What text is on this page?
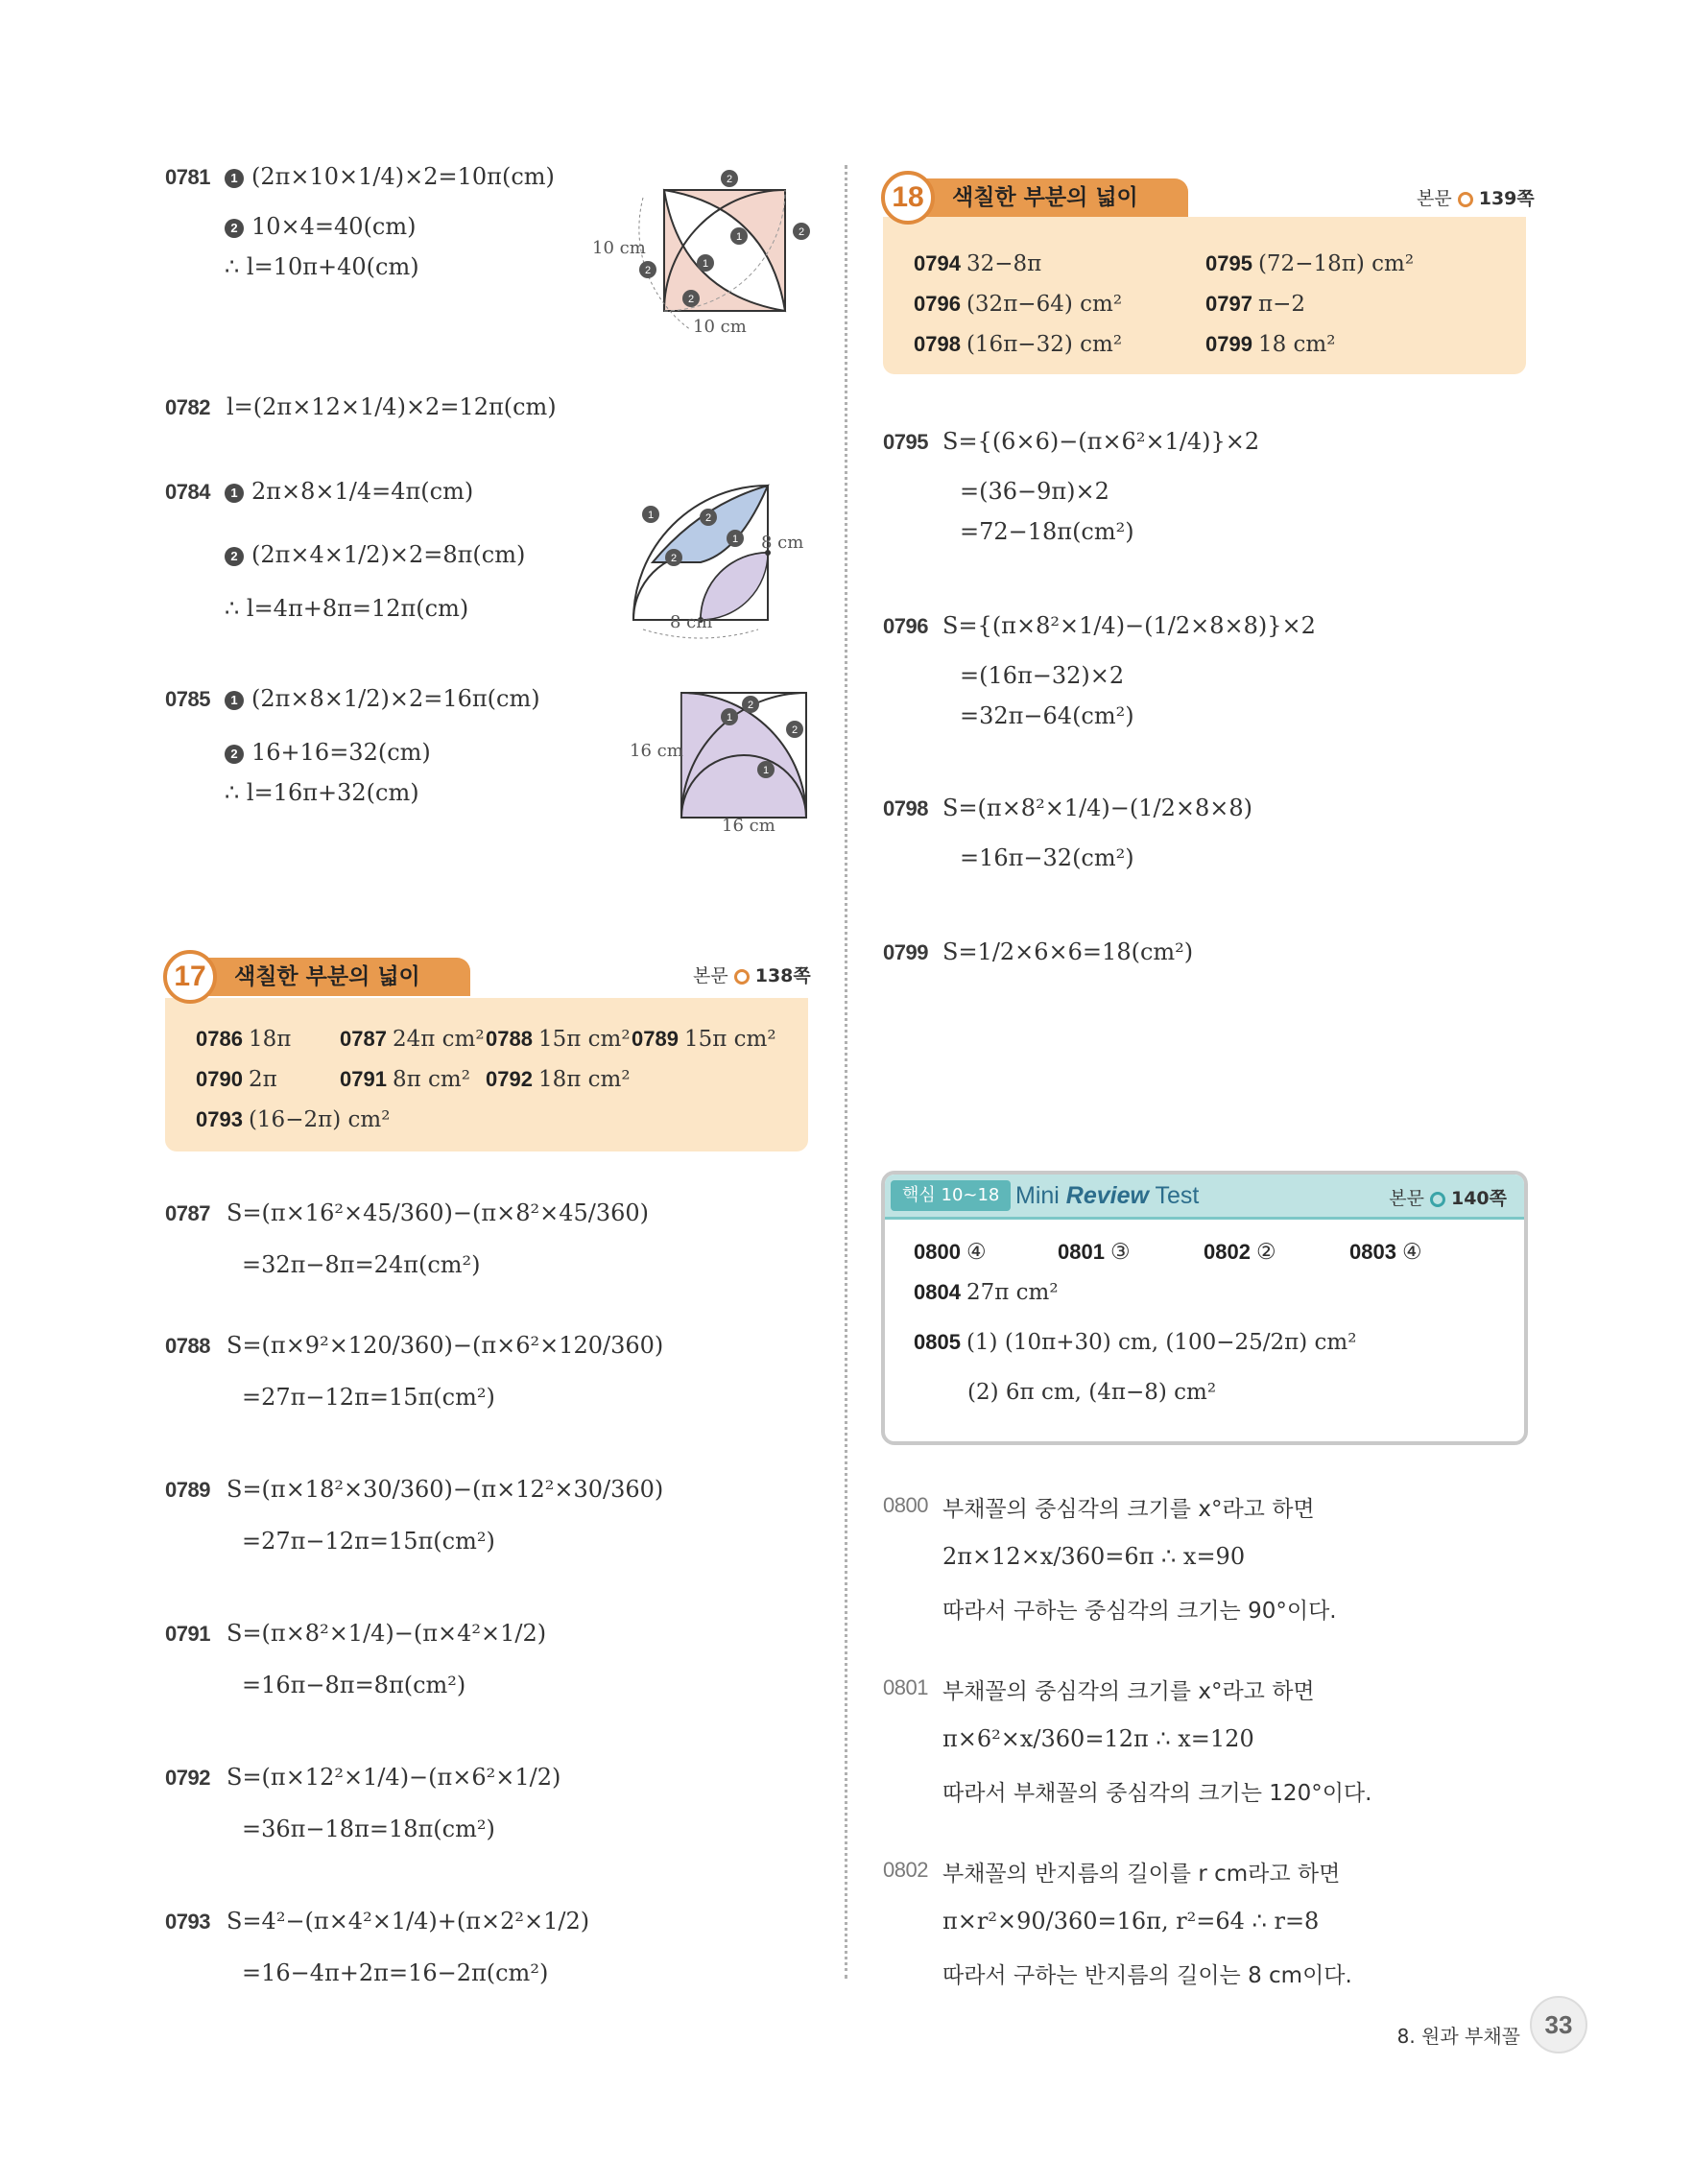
0781	1 (2π×10×1/4)×2=10π(cm)
2 10×4=40(cm)
∴ l=10π+40(cm)
2
2
1
1
2
2
10 cm
10 cm
0782 l=(2π×12×1/4)×2=12π(cm)
0784	1 2π×8×1/4=4π(cm)
2 (2π×4×1/2)×2=8π(cm)
∴ l=4π+8π=12π(cm)
1	2
1
2
8 cm
8 cm
0785	1 (2π×8×1/2)×2=16π(cm)
2 16+16=32(cm)
∴ l=16π+32(cm)
1
2
2
1
16 cm
16 cm
17	색칠한 부분의 넓이	본문 138쪽
0786 18π 0787 24π cm² 0788 15π cm² 0789 15π cm²
0790 2π	0791 8π cm² 0792 18π cm²
0793 (16−2π) cm²
0787 S=(π×16²×45/360)−(π×8²×45/360)
=32π−8π=24π(cm²)
0788 S=(π×9²×120/360)−(π×6²×120/360)
=27π−12π=15π(cm²)
0789 S=(π×18²×30/360)−(π×12²×30/360)
=27π−12π=15π(cm²)
0791 S=(π×8²×1/4)−(π×4²×1/2)
=16π−8π=8π(cm²)
0792 S=(π×12²×1/4)−(π×6²×1/2)
=36π−18π=18π(cm²)
0793 S=4²−(π×4²×1/4)+(π×2²×1/2)
=16−4π+2π=16−2π(cm²)
18	색칠한 부분의 넓이	본문 139쪽
0794 32−8π	0795 (72−18π) cm²
0796 (32π−64) cm²	0797 π−2
0798 (16π−32) cm²	0799 18 cm²
0795 S={(6×6)−(π×6²×1/4)}×2
=(36−9π)×2
=72−18π(cm²)
0796 S={(π×8²×1/4)−(1/2×8×8)}×2
=(16π−32)×2
=32π−64(cm²)
0798 S=(π×8²×1/4)−(1/2×8×8)
=16π−32(cm²)
0799 S=1/2×6×6=18(cm²)
핵심 10~18 Mini Review Test	본문 140쪽
0800 ④	0801 ③	0802 ②	0803 ④
0804 27π cm²
0805 (1) (10π+30) cm, (100−25/2π) cm²
(2) 6π cm, (4π−8) cm²
0800 부채꼴의 중심각의 크기를 x°라고 하면
2π×12×x/360=6π ∴ x=90
따라서 구하는 중심각의 크기는 90°이다.
0801 부채꼴의 중심각의 크기를 x°라고 하면
π×6²×x/360=12π ∴ x=120
따라서 부채꼴의 중심각의 크기는 120°이다.
0802 부채꼴의 반지름의 길이를 r cm라고 하면
π×r²×90/360=16π, r²=64 ∴ r=8
따라서 구하는 반지름의 길이는 8 cm이다.
8. 원과 부채꼴 33
